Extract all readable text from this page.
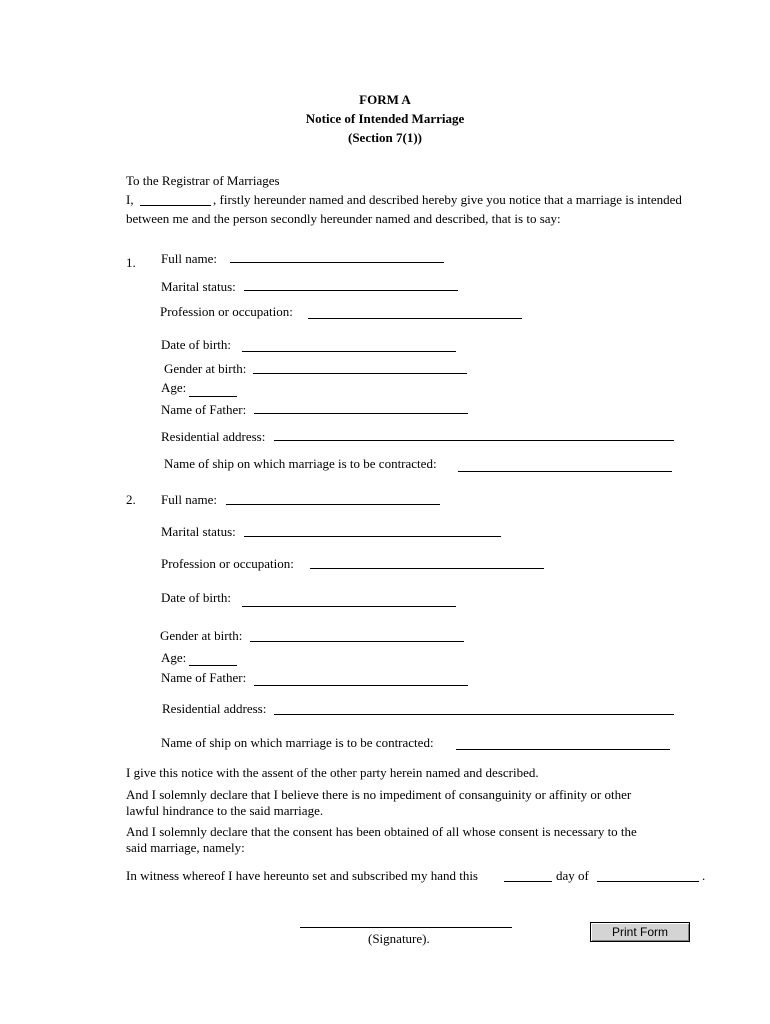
FORM A
Notice of Intended Marriage
(Section 7(1))
To the Registrar of Marriages
I,	, firstly hereunder named and described hereby give you notice that a marriage is intended
between me and the person secondly hereunder named and described, that is to say:
1. Full name:
Marital status:
Profession or occupation:
Date of birth:
Gender at birth:
Age:
Name of Father:
Residential address:
Name of ship on which marriage is to be contracted:
2. Full name:
Marital status:
Profession or occupation:
Date of birth:
Gender at birth:
Age:
Name of Father:
Residential address:
Name of ship on which marriage is to be contracted:
I give this notice with the assent of the other party herein named and described.
And I solemnly declare that I believe there is no impediment of consanguinity or affinity or other
lawful hindrance to the said marriage.
And I solemnly declare that the consent has been obtained of all whose consent is necessary to the
said marriage, namely:
In witness whereof I have hereunto set and subscribed my hand this	day of	.
(Signature).	Print Form
